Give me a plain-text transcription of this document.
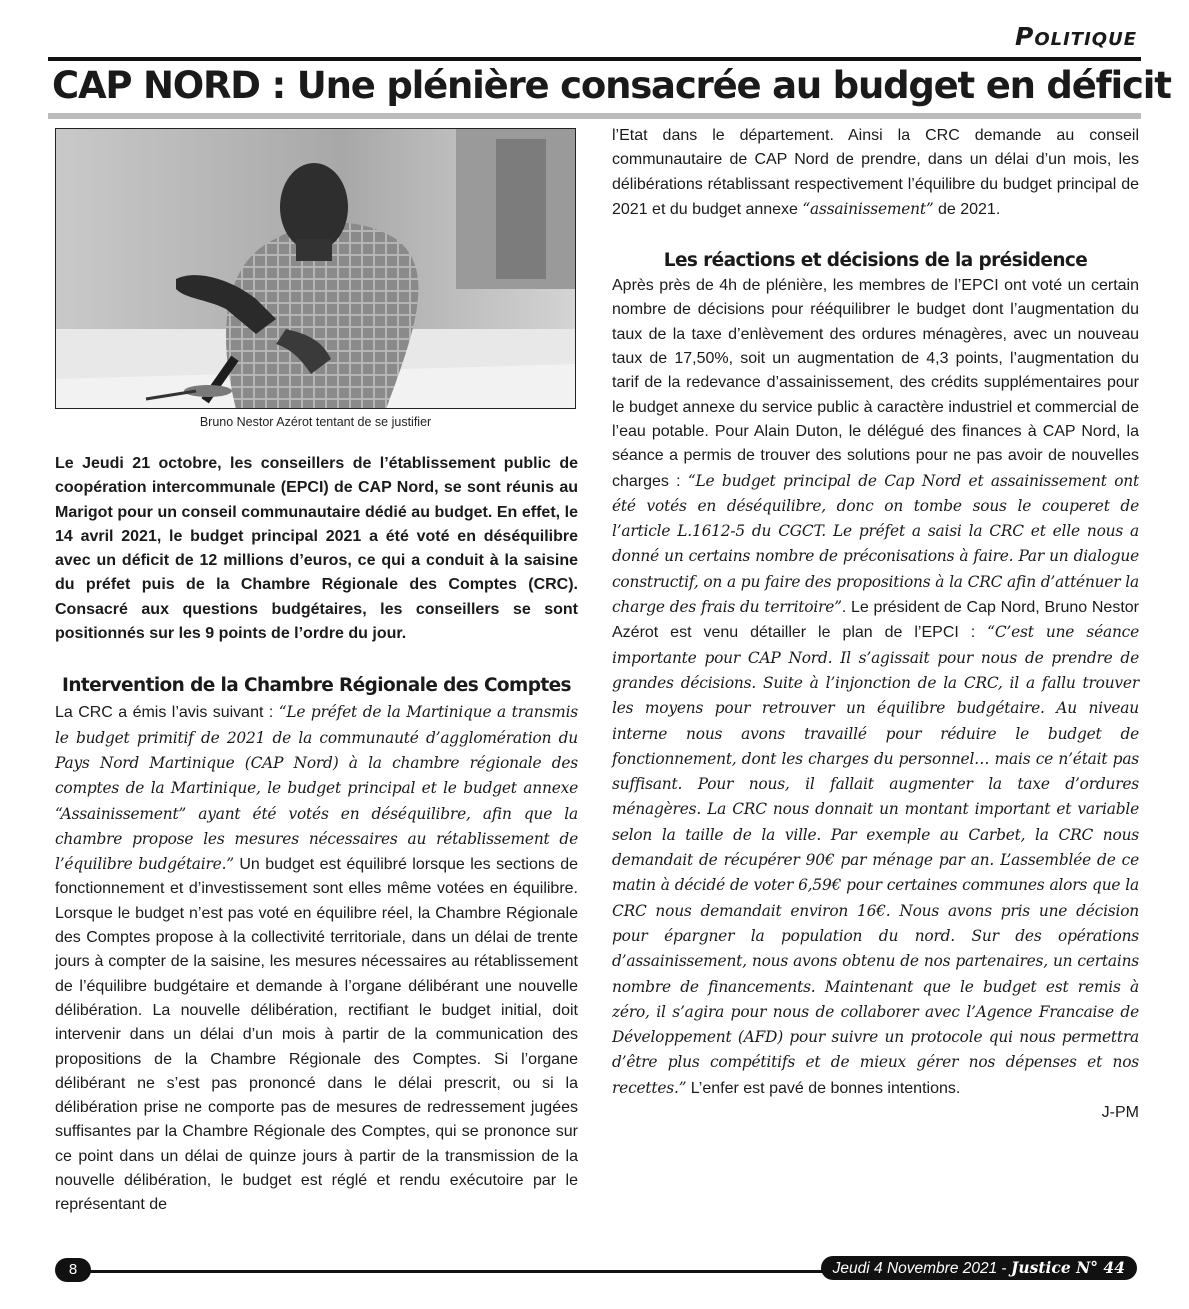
Politique
CAP NORD : Une plénière consacrée au budget en déficit
Bruno Nestor Azérot tentant de se justifier

Le Jeudi 21 octobre, les conseillers de l’établissement public de coopération intercommunale (EPCI) de CAP Nord, se sont réunis au Marigot pour un conseil communautaire dédié au budget. En effet, le 14 avril 2021, le budget principal 2021 a été voté en déséquilibre avec un déficit de 12 millions d’euros, ce qui a conduit à la saisine du préfet puis de la Chambre Régionale des Comptes (CRC). Consacré aux questions budgétaires, les conseillers se sont positionnés sur les 9 points de l’ordre du jour.

Intervention de la Chambre Régionale des Comptes

La CRC a émis l’avis suivant : “Le préfet de la Martinique a transmis le budget primitif de 2021 de la communauté d’agglomération du Pays Nord Martinique (CAP Nord) à la chambre régionale des comptes de la Martinique, le budget principal et le budget annexe “Assainissement” ayant été votés en déséquilibre, afin que la chambre propose les mesures nécessaires au rétablissement de l’équilibre budgétaire.” Un budget est équilibré lorsque les sections de fonctionnement et d’investissement sont elles même votées en équilibre. Lorsque le budget n’est pas voté en équilibre réel, la Chambre Régionale des Comptes propose à la collectivité territoriale, dans un délai de trente jours à compter de la saisine, les mesures nécessaires au rétablissement de l’équilibre budgétaire et demande à l’organe délibérant une nouvelle délibération. La nouvelle délibération, rectifiant le budget initial, doit intervenir dans un délai d’un mois à partir de la communication des propositions de la Chambre Régionale des Comptes. Si l’organe délibérant ne s’est pas prononcé dans le délai prescrit, ou si la délibération prise ne comporte pas de mesures de redressement jugées suffisantes par la Chambre Régionale des Comptes, qui se prononce sur ce point dans un délai de quinze jours à partir de la transmission de la nouvelle délibération, le budget est réglé et rendu exécutoire par le représentant de

l’Etat dans le département. Ainsi la CRC demande au conseil communautaire de CAP Nord de prendre, dans un délai d’un mois, les délibérations rétablissant respectivement l’équilibre du budget principal de 2021 et du budget annexe “assainissement” de 2021.

Les réactions et décisions de la présidence

Après près de 4h de plénière, les membres de l’EPCI ont voté un certain nombre de décisions pour rééquilibrer le budget dont l’augmentation du taux de la taxe d’enlèvement des ordures ménagères, avec un nouveau taux de 17,50%, soit un augmentation de 4,3 points, l’augmentation du tarif de la redevance d’assainissement, des crédits supplémentaires pour le budget annexe du service public à caractère industriel et commercial de l’eau potable. Pour Alain Duton, le délégué des finances à CAP Nord, la séance a permis de trouver des solutions pour ne pas avoir de nouvelles charges : “Le budget principal de Cap Nord et assainissement ont été votés en déséquilibre, donc on tombe sous le couperet de l’article L.1612-5 du CGCT. Le préfet a saisi la CRC et elle nous a donné un certains nombre de préconisations à faire. Par un dialogue constructif, on a pu faire des propositions à la CRC afin d’atténuer la charge des frais du territoire”. Le président de Cap Nord, Bruno Nestor Azérot est venu détailler le plan de l’EPCI : “C’est une séance importante pour CAP Nord. Il s’agissait pour nous de prendre de grandes décisions. Suite à l’injonction de la CRC, il a fallu trouver les moyens pour retrouver un équilibre budgétaire. Au niveau interne nous avons travaillé pour réduire le budget de fonctionnement, dont les charges du personnel… mais ce n’était pas suffisant. Pour nous, il fallait augmenter la taxe d’ordures ménagères. La CRC nous donnait un montant important et variable selon la taille de la ville. Par exemple au Carbet, la CRC nous demandait de récupérer 90€ par ménage par an. L’assemblée de ce matin à décidé de voter 6,59€ pour certaines communes alors que la CRC nous demandait environ 16€. Nous avons pris une décision pour épargner la population du nord. Sur des opérations d’assainissement, nous avons obtenu de nos partenaires, un certains nombre de financements. Maintenant que le budget est remis à zéro, il s’agira pour nous de collaborer avec l’Agence Francaise de Développement (AFD) pour suivre un protocole qui nous permettra d’être plus compétitifs et de mieux gérer nos dépenses et nos recettes.” L’enfer est pavé de bonnes intentions.

J-PM

8	Jeudi 4 Novembre 2021 - Justice N° 44
